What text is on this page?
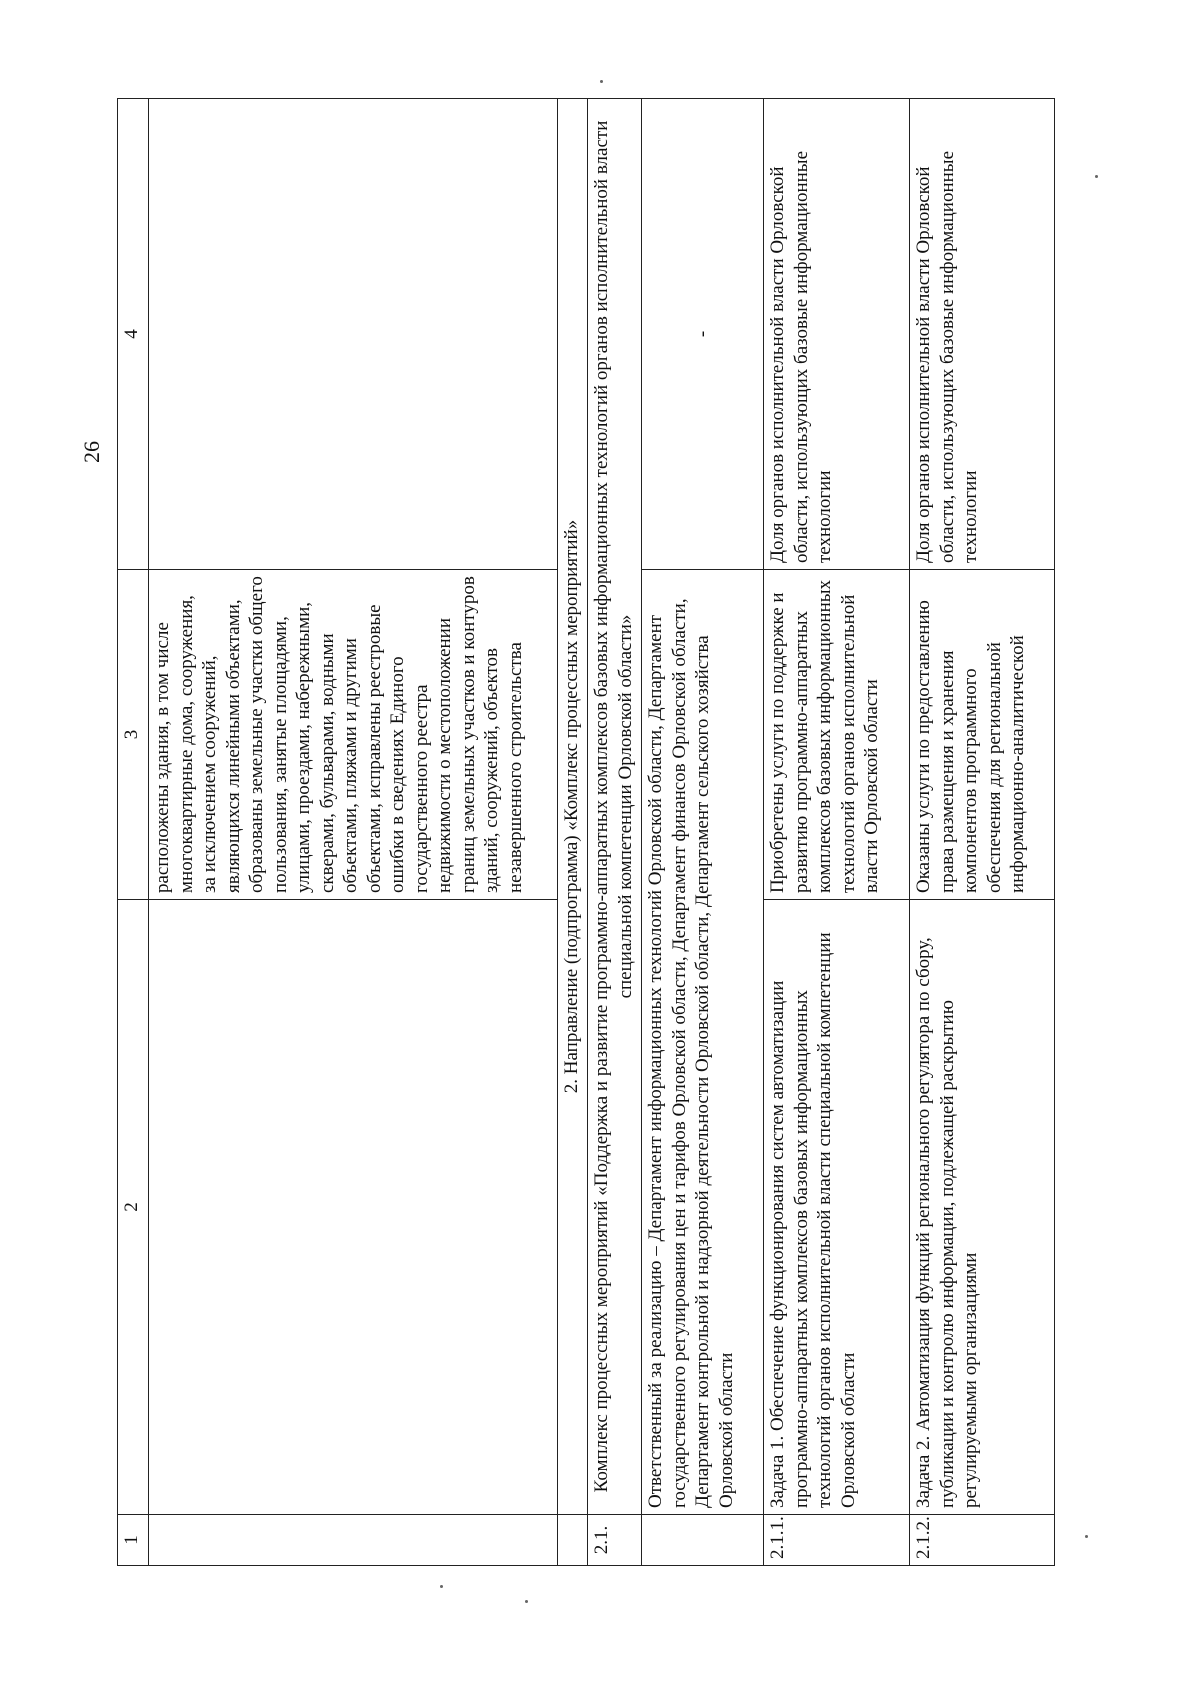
26
1	2	3	4
		расположены здания, в том числе многоквартирные дома, сооружения, за исключением сооружений, являющихся линейными объектами, образованы земельные участки общего пользования, занятые площадями, улицами, проездами, набережными, скверами, бульварами, водными объектами, пляжами и другими объектами, исправлены реестровые ошибки в сведениях Единого государственного реестра недвижимости о местоположении границ земельных участков и контуров зданий, сооружений, объектов незавершенного строительства	
	2. Направление (подпрограмма) «Комплекс процессных мероприятий»		
2.1.	Комплекс процессных мероприятий «Поддержка и развитие программно-аппаратных комплексов базовых информационных технологий органов исполнительной власти специальной компетенции Орловской области»		
	Ответственный за реализацию – Департамент информационных технологий Орловской области, Департамент государственного регулирования цен и тарифов Орловской области, Департамент финансов Орловской области, Департамент контрольной и надзорной деятельности Орловской области, Департамент сельского хозяйства Орловской области		-
2.1.1.	Задача 1. Обеспечение функционирования систем автоматизации программно-аппаратных комплексов базовых информационных технологий органов исполнительной власти специальной компетенции Орловской области	Приобретены услуги по поддержке и развитию программно-аппаратных комплексов базовых информационных технологий органов исполнительной власти Орловской области	Доля органов исполнительной власти Орловской области, использующих базовые информационные технологии
2.1.2.	Задача 2. Автоматизация функций регионального регулятора по сбору, публикации и контролю информации, подлежащей раскрытию регулируемыми организациями	Оказаны услуги по предоставлению права размещения и хранения компонентов программного обеспечения для региональной информационно-аналитической	Доля органов исполнительной власти Орловской области, использующих базовые информационные технологии
